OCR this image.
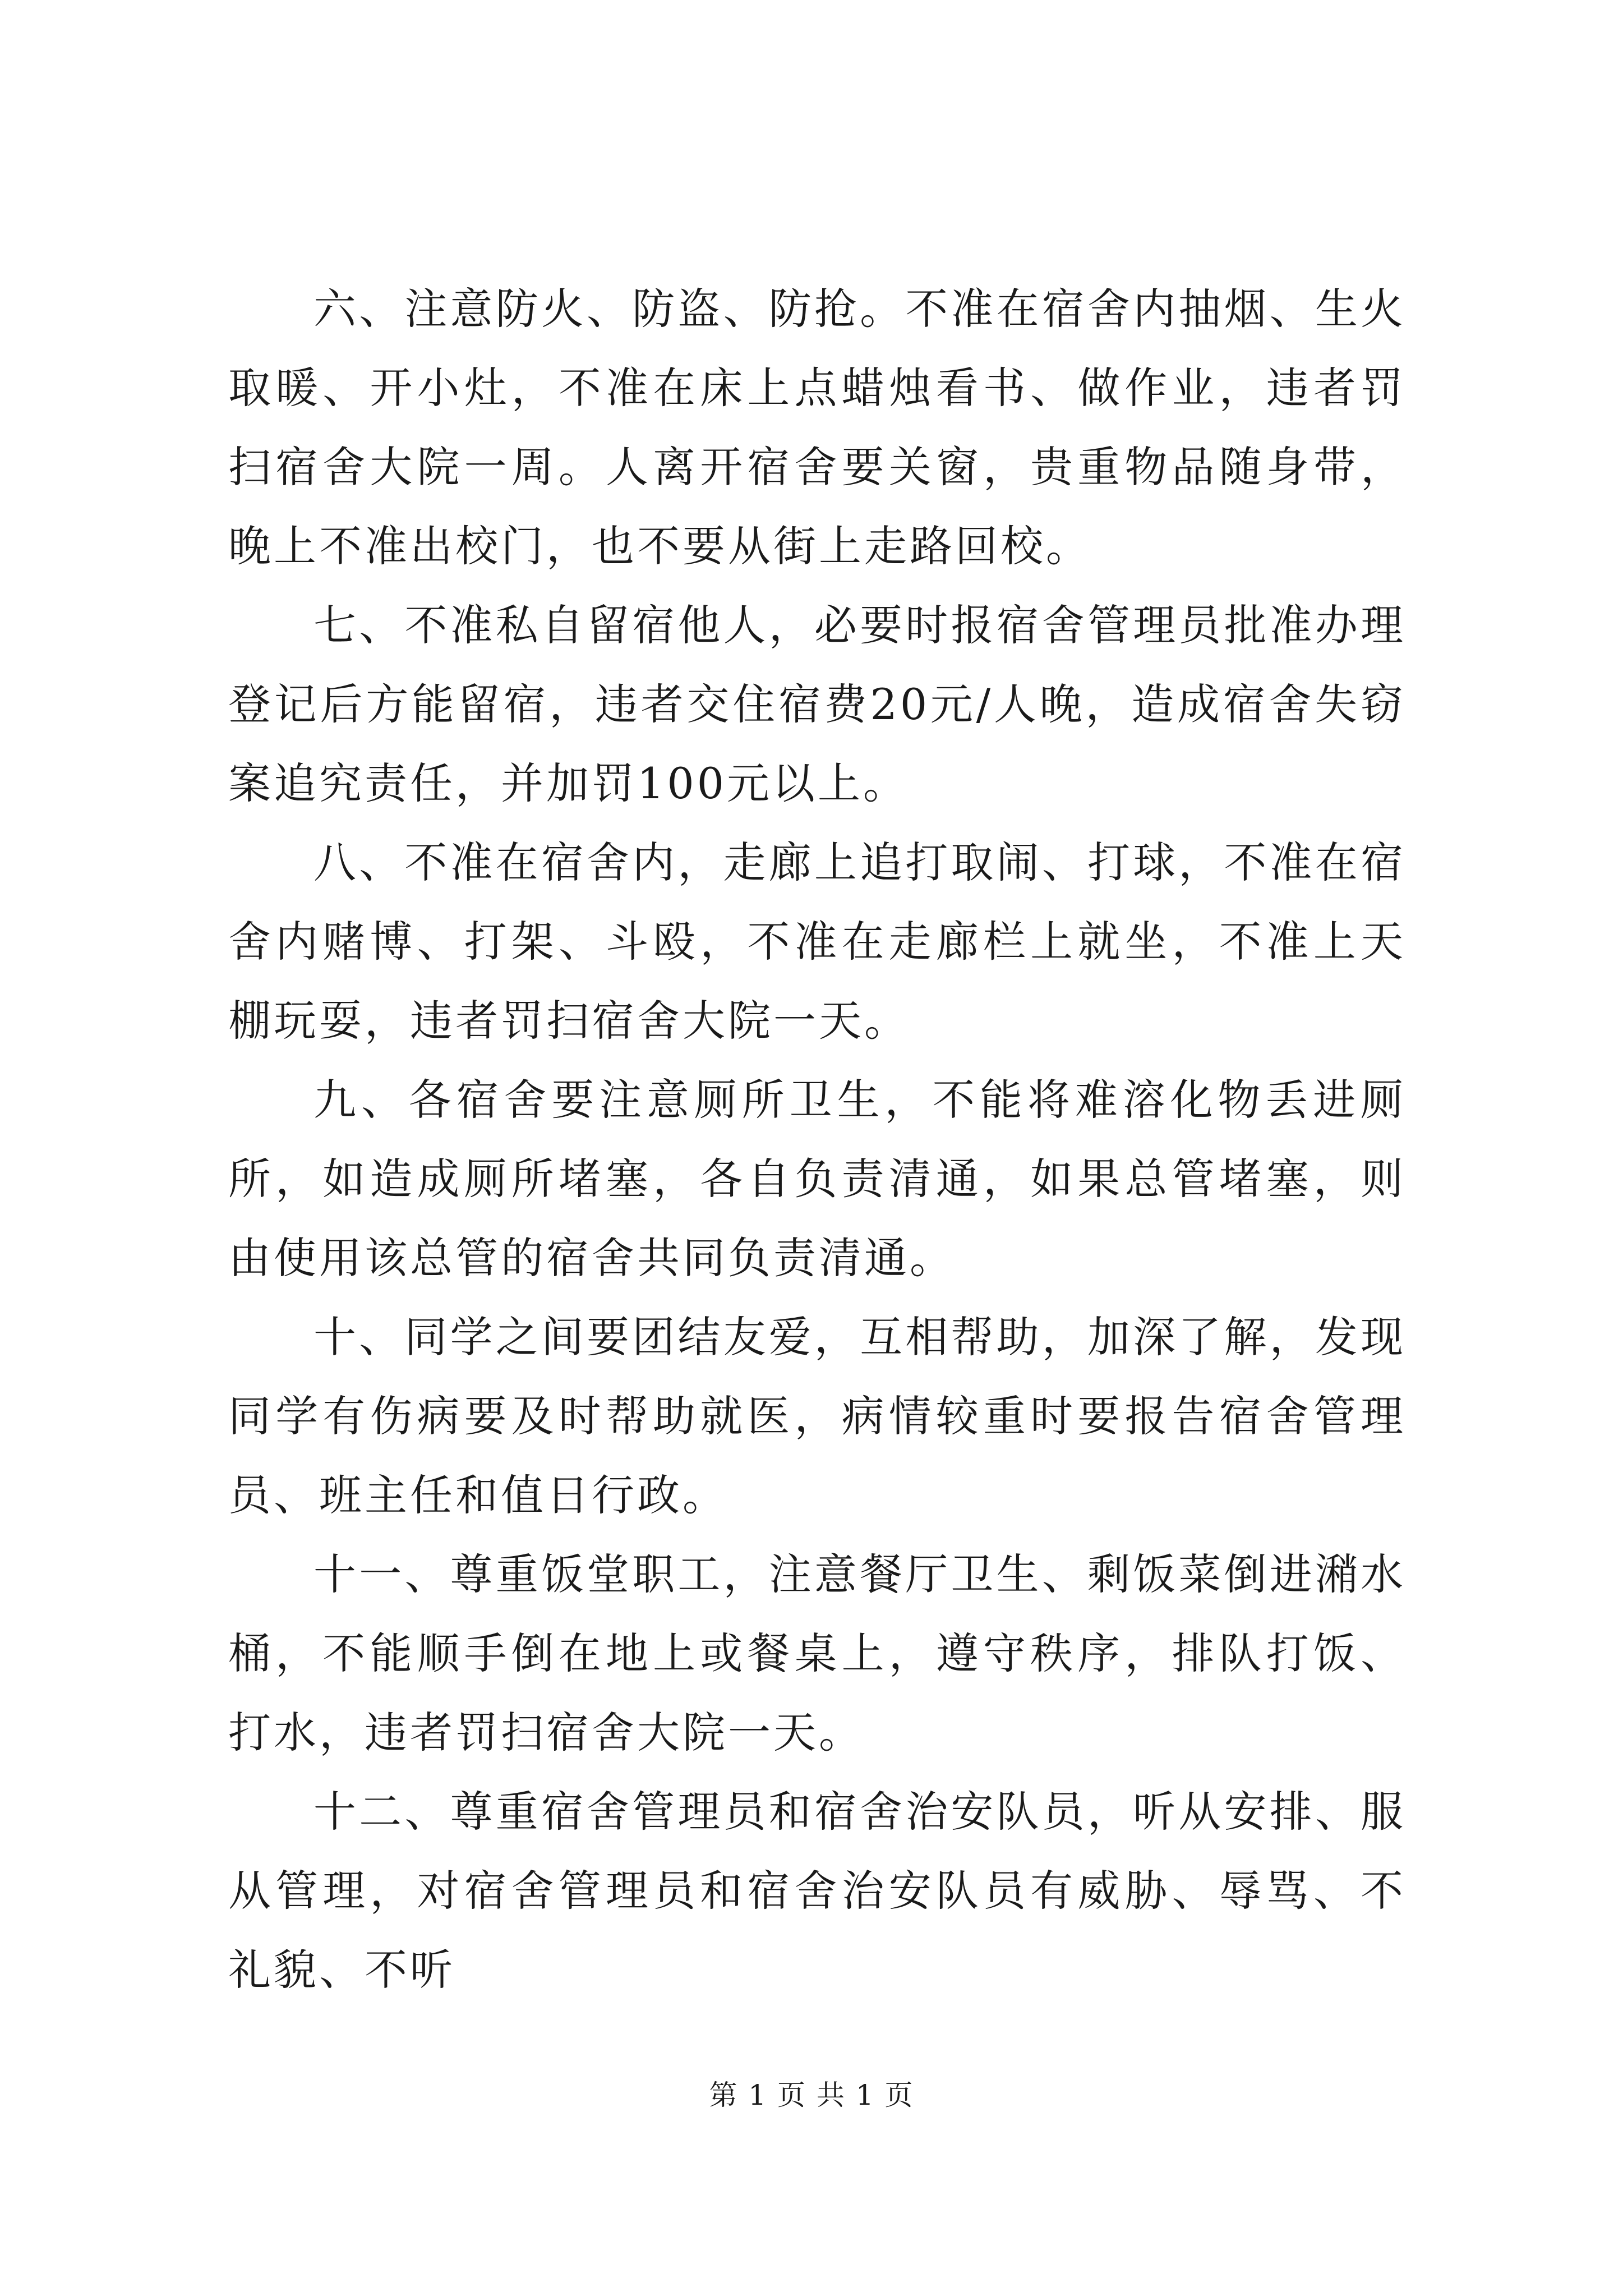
六、注意防火、防盗、防抢。不准在宿舍内抽烟、生火取暖、开小灶，不准在床上点蜡烛看书、做作业，违者罚扫宿舍大院一周。人离开宿舍要关窗，贵重物品随身带，晚上不准出校门，也不要从街上走路回校。

七、不准私自留宿他人，必要时报宿舍管理员批准办理登记后方能留宿，违者交住宿费20元/人晚，造成宿舍失窃案追究责任，并加罚100元以上。

八、不准在宿舍内，走廊上追打取闹、打球，不准在宿舍内赌博、打架、斗殴，不准在走廊栏上就坐，不准上天棚玩耍，违者罚扫宿舍大院一天。

九、各宿舍要注意厕所卫生，不能将难溶化物丢进厕所，如造成厕所堵塞，各自负责清通，如果总管堵塞，则由使用该总管的宿舍共同负责清通。

十、同学之间要团结友爱，互相帮助，加深了解，发现同学有伤病要及时帮助就医，病情较重时要报告宿舍管理员、班主任和值日行政。

十一、尊重饭堂职工，注意餐厅卫生、剩饭菜倒进潲水桶，不能顺手倒在地上或餐桌上，遵守秩序，排队打饭、打水，违者罚扫宿舍大院一天。

十二、尊重宿舍管理员和宿舍治安队员，听从安排、服从管理，对宿舍管理员和宿舍治安队员有威胁、辱骂、不礼貌、不听

第 1 页 共 1 页
